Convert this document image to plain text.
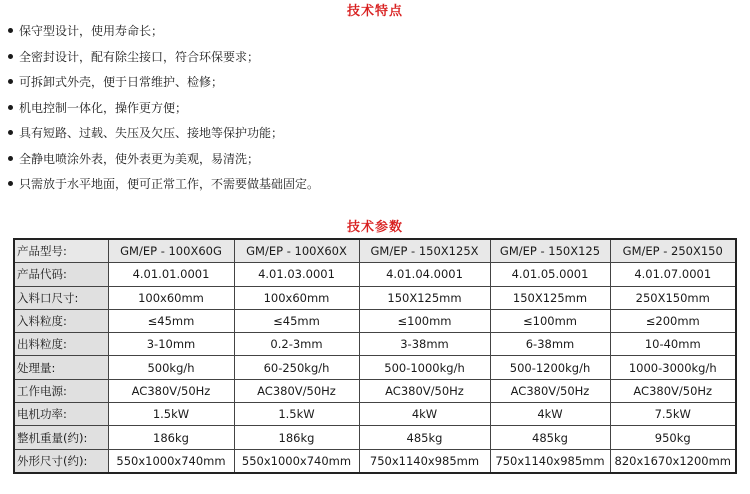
技术特点
保守型设计，使用寿命长；
全密封设计，配有除尘接口，符合环保要求；
可拆卸式外壳，便于日常维护、检修；
机电控制一体化，操作更方便；
具有短路、过载、失压及欠压、接地等保护功能；
全静电喷涂外表，使外表更为美观，易清洗；
只需放于水平地面，便可正常工作，不需要做基础固定。
技术参数
产品型号:	GM/EP - 100X60G	GM/EP - 100X60X	GM/EP - 150X125X	GM/EP - 150X125	GM/EP - 250X150
产品代码:	4.01.01.0001	4.01.03.0001	4.01.04.0001	4.01.05.0001	4.01.07.0001
入料口尺寸:	100x60mm	100x60mm	150X125mm	150X125mm	250X150mm
入料粒度:	≤45mm	≤45mm	≤100mm	≤100mm	≤200mm
出料粒度:	3-10mm	0.2-3mm	3-38mm	6-38mm	10-40mm
处理量:	500kg/h	60-250kg/h	500-1000kg/h	500-1200kg/h	1000-3000kg/h
工作电源:	AC380V/50Hz	AC380V/50Hz	AC380V/50Hz	AC380V/50Hz	AC380V/50Hz
电机功率:	1.5kW	1.5kW	4kW	4kW	7.5kW
整机重量(约):	186kg	186kg	485kg	485kg	950kg
外形尺寸(约):	550x1000x740mm	550x1000x740mm	750x1140x985mm	750x1140x985mm	820x1670x1200mm
